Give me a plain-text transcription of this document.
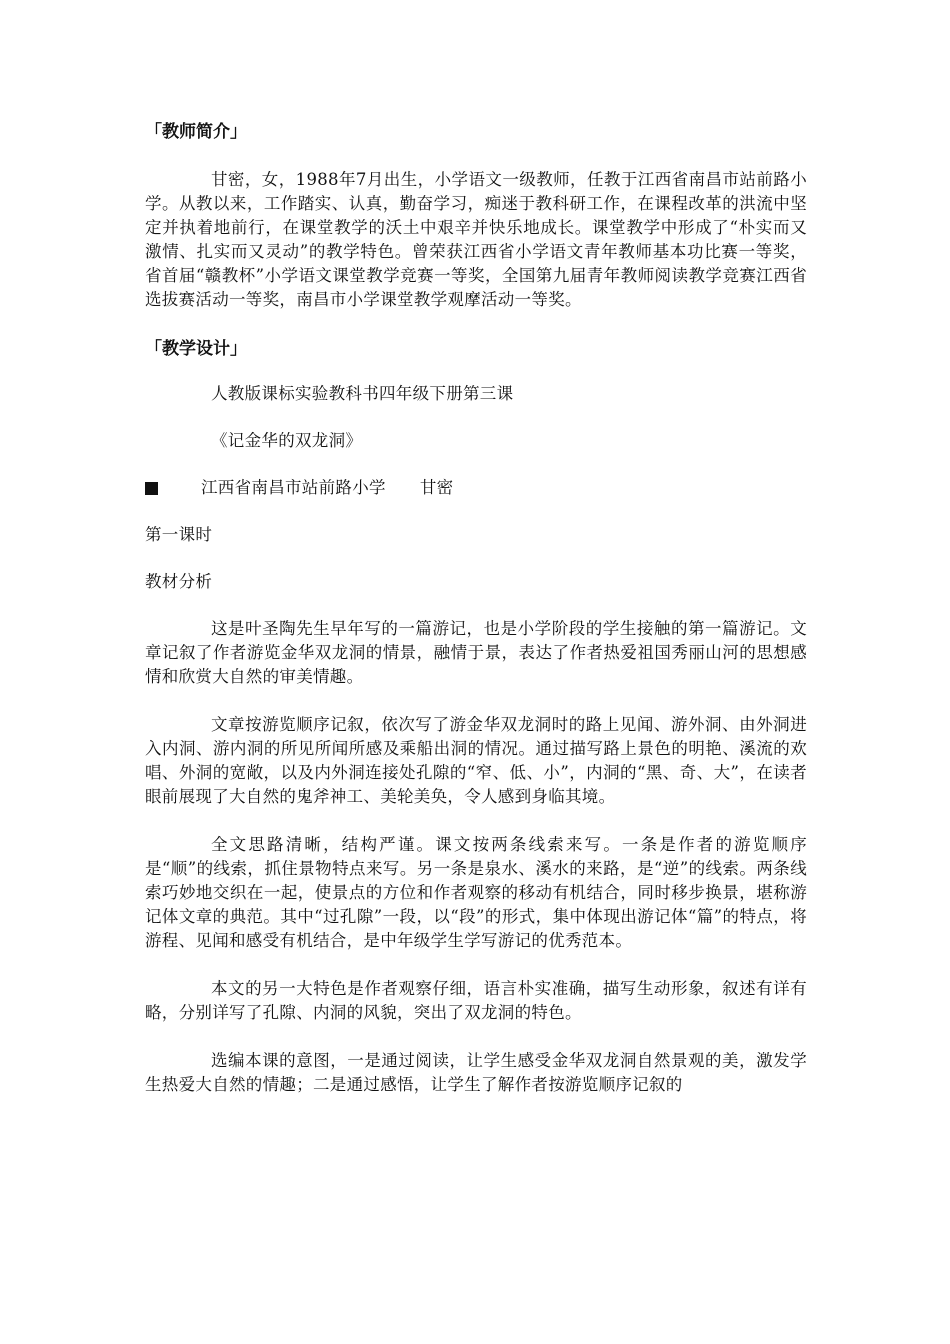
「教师简介」

甘密，女，1988年7月出生，小学语文一级教师，任教于江西省南昌市站前路小学。从教以来，工作踏实、认真，勤奋学习，痴迷于教科研工作，在课程改革的洪流中坚定并执着地前行，在课堂教学的沃土中艰辛并快乐地成长。课堂教学中形成了“朴实而又激情、扎实而又灵动”的教学特色。曾荣获江西省小学语文青年教师基本功比赛一等奖，省首届“赣教杯”小学语文课堂教学竞赛一等奖，全国第九届青年教师阅读教学竞赛江西省选拔赛活动一等奖，南昌市小学课堂教学观摩活动一等奖。

「教学设计」

人教版课标实验教科书四年级下册第三课

《记金华的双龙洞》

江西省南昌市站前路小学 甘密

第一课时

教材分析

这是叶圣陶先生早年写的一篇游记，也是小学阶段的学生接触的第一篇游记。文章记叙了作者游览金华双龙洞的情景，融情于景，表达了作者热爱祖国秀丽山河的思想感情和欣赏大自然的审美情趣。

文章按游览顺序记叙，依次写了游金华双龙洞时的路上见闻、游外洞、由外洞进入内洞、游内洞的所见所闻所感及乘船出洞的情况。通过描写路上景色的明艳、溪流的欢唱、外洞的宽敞，以及内外洞连接处孔隙的“窄、低、小”，内洞的“黑、奇、大”，在读者眼前展现了大自然的鬼斧神工、美轮美奂，令人感到身临其境。

全文思路清晰，结构严谨。课文按两条线索来写。一条是作者的游览顺序是“顺”的线索，抓住景物特点来写。另一条是泉水、溪水的来路，是“逆”的线索。两条线索巧妙地交织在一起，使景点的方位和作者观察的移动有机结合，同时移步换景，堪称游记体文章的典范。其中“过孔隙”一段，以“段”的形式，集中体现出游记体“篇”的特点，将游程、见闻和感受有机结合，是中年级学生学写游记的优秀范本。

本文的另一大特色是作者观察仔细，语言朴实准确，描写生动形象，叙述有详有略，分别详写了孔隙、内洞的风貌，突出了双龙洞的特色。

选编本课的意图，一是通过阅读，让学生感受金华双龙洞自然景观的美，激发学生热爱大自然的情趣；二是通过感悟，让学生了解作者按游览顺序记叙的
